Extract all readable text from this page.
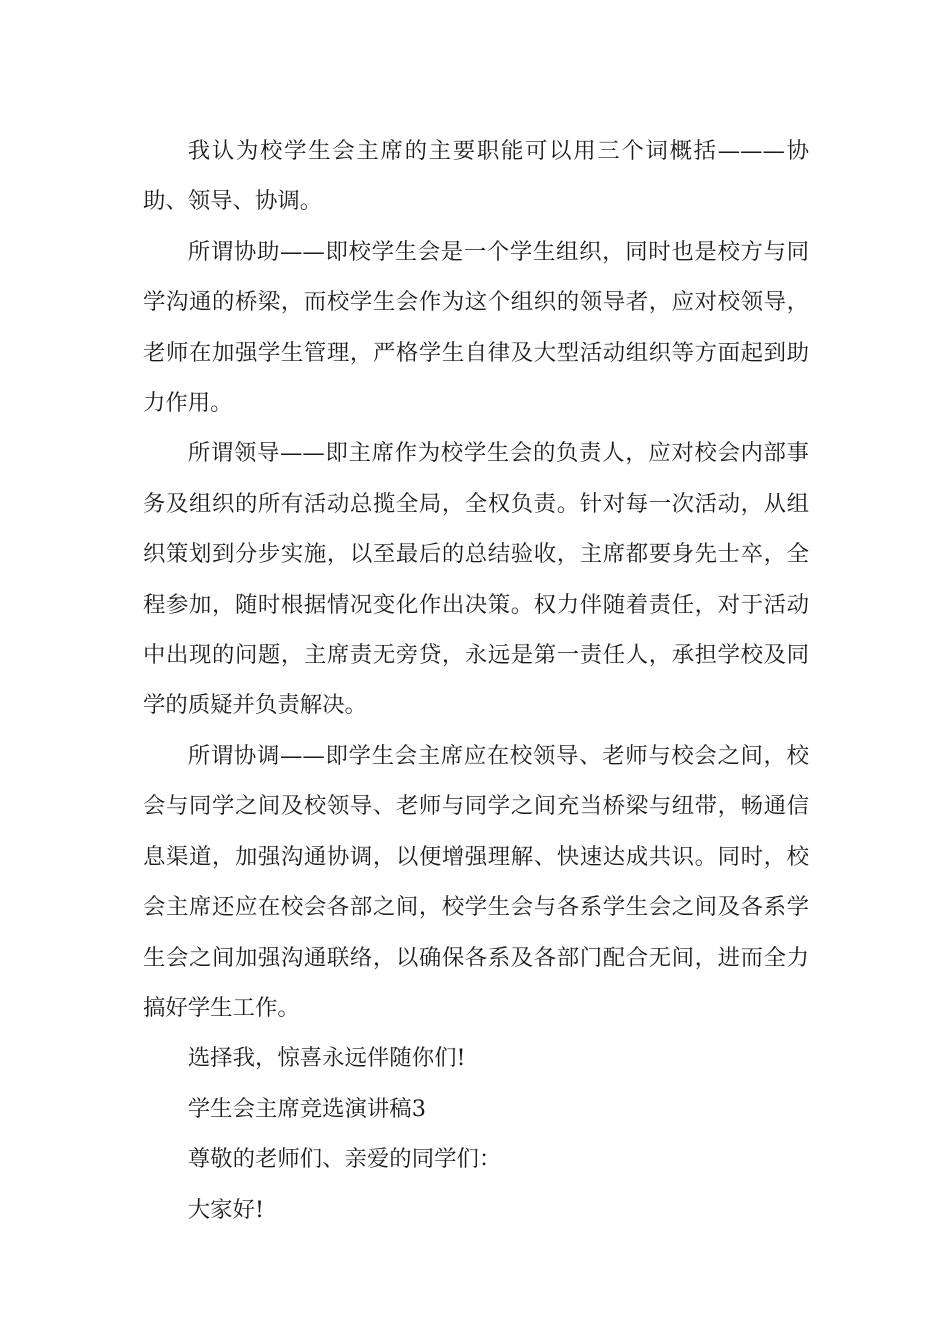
我认为校学生会主席的主要职能可以用三个词概括———协助、领导、协调。

所谓协助——即校学生会是一个学生组织，同时也是校方与同学沟通的桥梁，而校学生会作为这个组织的领导者，应对校领导，老师在加强学生管理，严格学生自律及大型活动组织等方面起到助力作用。

所谓领导——即主席作为校学生会的负责人，应对校会内部事务及组织的所有活动总揽全局，全权负责。针对每一次活动，从组织策划到分步实施，以至最后的总结验收，主席都要身先士卒，全程参加，随时根据情况变化作出决策。权力伴随着责任，对于活动中出现的问题，主席责无旁贷，永远是第一责任人，承担学校及同学的质疑并负责解决。

所谓协调——即学生会主席应在校领导、老师与校会之间，校会与同学之间及校领导、老师与同学之间充当桥梁与纽带，畅通信息渠道，加强沟通协调，以便增强理解、快速达成共识。同时，校会主席还应在校会各部之间，校学生会与各系学生会之间及各系学生会之间加强沟通联络，以确保各系及各部门配合无间，进而全力搞好学生工作。

选择我，惊喜永远伴随你们!

学生会主席竞选演讲稿3

尊敬的老师们、亲爱的同学们：

大家好!
